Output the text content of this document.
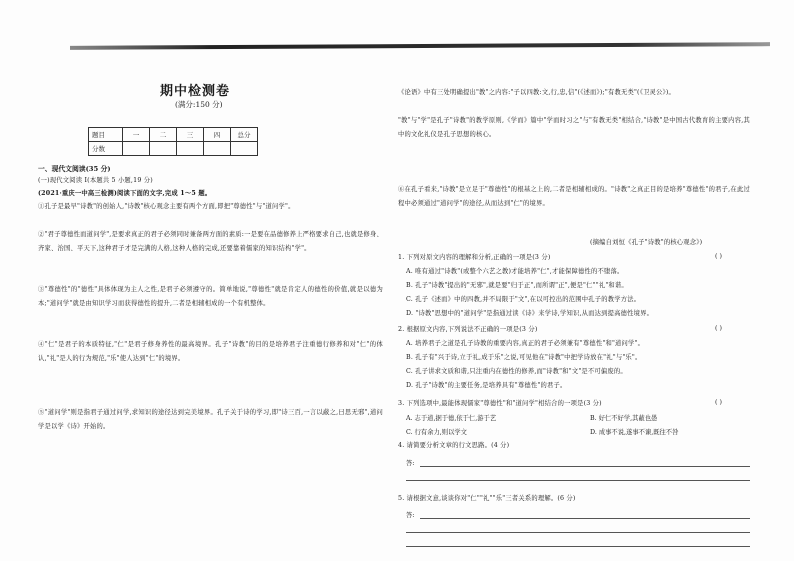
期中检测卷
(满分:150 分)
题目	一	二	三	四	总分
分数					
一、现代文阅读(35 分)
(一)现代文阅读 I(本题共 5 小题,19 分)
(2021·重庆一中高三检测)阅读下面的文字,完成 1～5 题。
①孔子是最早"诗教"的创始人,"诗教"核心观念主要有两个方面,即把"尊德性"与"道问学"。
②"君子尊德性而道问学",是要求真正的君子必须同时兼备两方面的素质:一是要在品德修养上严格要求自己,也就是修身、齐家、治国、平天下,这种君子才是完满的人格,这种人格的完成,还要靠着儒家的知识结构"学"。
③"尊德性"的"德性"具体体现为主人之性,是君子必须遵守的。简单地说,"尊德性"就是肯定人的德性的价值,就是以德为本;"道问学"就是由知识学习而获得德性的提升,二者是相辅相成的一个有机整体。
④"仁"是君子的本质特征,"仁"是君子修身养性的最高境界。孔子"诗教"的目的是培养君子注重德行修养和对"仁"的体认,"礼"是人的行为规范,"乐"使人达到"仁"的境界。
⑤"道问学"则是指君子通过问学,求知识的途径达到完美境界。孔子关于诗的学习,即"诗三百,一言以蔽之,曰思无邪",道问学是以学《诗》开始的。
《论语》中有三处明确提出"教"之内容:"子以四教:文,行,忠,信"(《述而》);"有教无类"(《卫灵公》)。
"教"与"学"是孔子"诗教"的教学原则,《学而》篇中"学而时习之"与"有教无类"相结合,"诗教"是中国古代教育的主要内容,其中的文化礼仪是孔子思想的核心。
⑥在孔子看来,"诗教"是立足于"尊德性"的根基之上的,二者是相辅相成的。"诗教"之真正目的是培养"尊德性"的君子,在此过程中必须通过"道问学"的途径,从而达到"仁"的境界。
(摘编自刘恒《孔子"诗教"的核心观念》)
1. 下列对原文内容的理解和分析,正确的一项是(3 分)	( )
A. 唯有通过"诗教"(或整个六艺之教)才能培养"仁",才能保障德性的不堕落。
B. 孔子"诗教"提出的"无邪",就是要"归于正",而所谓"正",便是"仁""礼"和谐。
C. 孔子《述而》中的四教,并不局限于"文",在以可控出的范围中孔子的教学方法。
D. "诗教"思想中的"道问学"是指通过读《诗》来学诗,学知识,从而达到提高德性境界。
2. 根据原文内容,下列说法不正确的一项是(3 分)	( )
A. 培养君子之道是孔子诗教的重要内容,真正的君子必须兼有"尊德性"和"道问学"。
B. 孔子有"兴于诗,立于礼,成于乐"之说,可见他在"诗教"中把学诗放在"礼"与"乐"。
C. 孔子讲求文质和谐,只注重内在德性的修养,而"诗教"和"文"是不可偏废的。
D. 孔子"诗教"的主要任务,是培养具有"尊德性"的君子。
3. 下列选项中,最能体现儒家"尊德性"和"道问学"相结合的一项是(3 分)	( )
A. 志于道,据于德,依于仁,游于艺	B. 好仁不好学,其蔽也愚
C. 行有余力,则以学文	D. 成事不说,遂事不谏,既往不咎
4. 请简要分析文章的行文思路。(4 分)
答:
5. 请根据文意,谈谈你对"仁""礼""乐"三者关系的理解。(6 分)
答:
